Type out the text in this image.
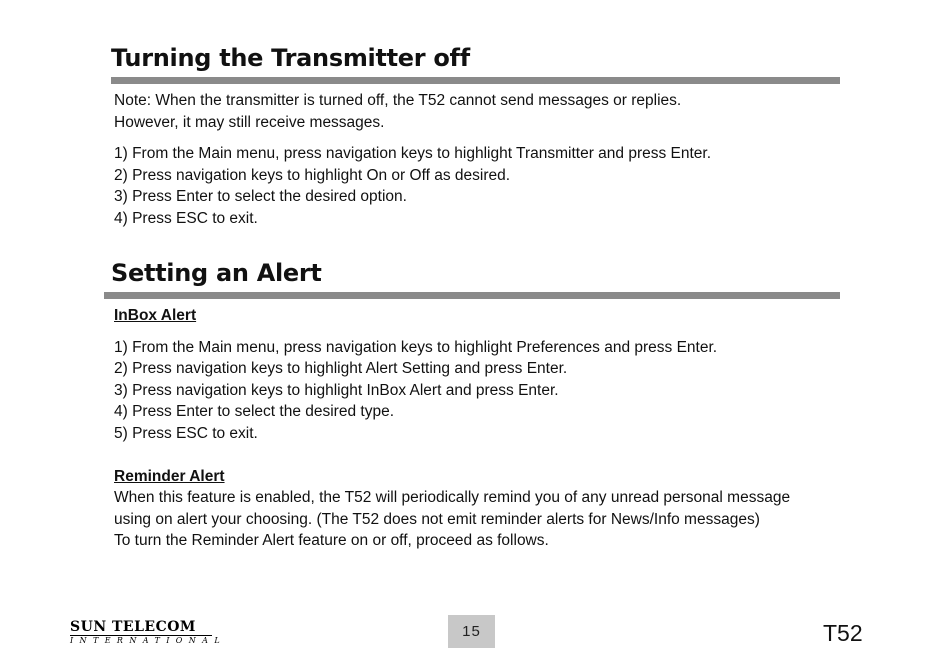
Turning the Transmitter off
Note: When the transmitter is turned off, the T52 cannot send messages or replies.
However, it may still receive messages.
1) From the Main menu, press navigation keys to highlight Transmitter and press Enter.
2) Press navigation keys to highlight On or Off as desired.
3) Press Enter to select the desired option.
4) Press ESC to exit.
Setting an Alert
InBox Alert
1) From the Main menu, press navigation keys to highlight Preferences and press Enter.
2) Press navigation keys to highlight Alert Setting and press Enter.
3) Press navigation keys to highlight InBox Alert and press Enter.
4) Press Enter to select the desired type.
5) Press ESC to exit.
Reminder Alert
When this feature is enabled, the T52 will periodically remind you of any unread personal message
using on alert your choosing. (The T52 does not emit reminder alerts for News/Info messages)
To turn the Reminder Alert feature on or off, proceed as follows.
SUN TELECOM
INTERNATIONAL
15	T52
